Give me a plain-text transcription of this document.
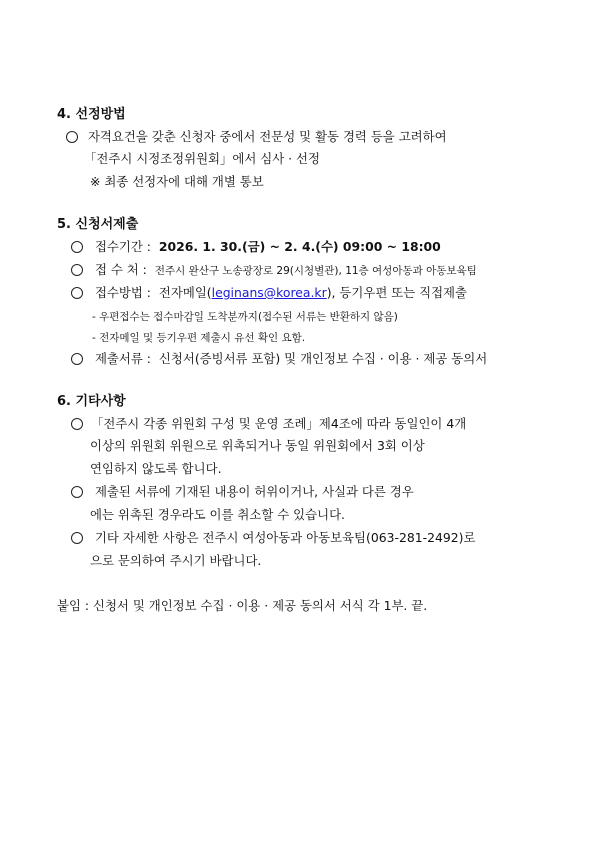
4. 선정방법
자격요건을 갖춘 신청자 중에서 전문성 및 활동 경력 등을 고려하여
「전주시 시정조정위원회」에서 심사 · 선정
※ 최종 선정자에 대해 개별 통보
5. 신청서제출
접수기간 : 2026. 1. 30.(금) ~ 2. 4.(수) 09:00 ~ 18:00
접 수 처 : 전주시 완산구 노송광장로 29(시청별관), 11층 여성아동과 아동보육팀
접수방법 : 전자메일(leginans@korea.kr), 등기우편 또는 직접제출
- 우편접수는 접수마감일 도착분까지(접수된 서류는 반환하지 않음)
- 전자메일 및 등기우편 제출시 유선 확인 요함.
제출서류 : 신청서(증빙서류 포함) 및 개인정보 수집 · 이용 · 제공 동의서
6. 기타사항
「전주시 각종 위원회 구성 및 운영 조례」제4조에 따라 동일인이 4개
이상의 위원회 위원으로 위촉되거나 동일 위원회에서 3회 이상
연임하지 않도록 합니다.
제출된 서류에 기재된 내용이 허위이거나, 사실과 다른 경우
에는 위촉된 경우라도 이를 취소할 수 있습니다.
기타 자세한 사항은 전주시 여성아동과 아동보육팀(063-281-2492)로
으로 문의하여 주시기 바랍니다.
붙임 : 신청서 및 개인정보 수집 · 이용 · 제공 동의서 서식 각 1부. 끝.
